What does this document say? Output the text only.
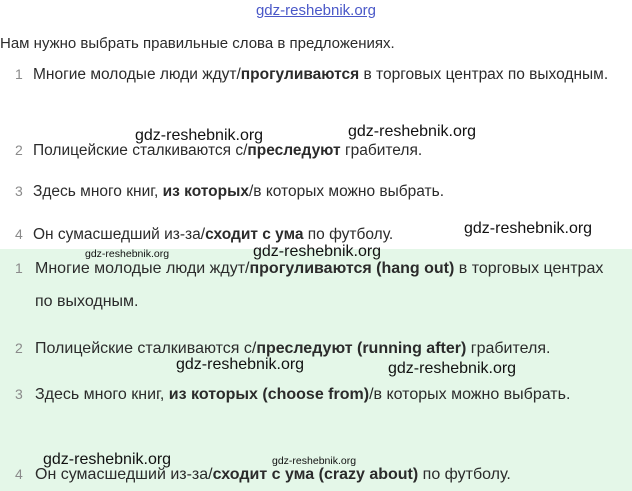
gdz-reshebnik.org
Нам нужно выбрать правильные слова в предложениях.
1 Многие молодые люди ждут/прогуливаются в торговых центрах по выходным.
2 Полицейские сталкиваются с/преследуют грабителя.
3 Здесь много книг, из которых/в которых можно выбрать.
4 Он сумасшедший из-за/сходит с ума по футболу.
1 Многие молодые люди ждут/прогуливаются (hang out) в торговых центрах по выходным.
2 Полицейские сталкиваются с/преследуют (running after) грабителя.
3 Здесь много книг, из которых (choose from)/в которых можно выбрать.
4 Он сумасшедший из-за/сходит с ума (crazy about) по футболу.
gdz-reshebnik.org	gdz-reshebnik.org
gdz-reshebnik.org
gdz-reshebnik.org	gdz-reshebnik.org
gdz-reshebnik.org	gdz-reshebnik.org
gdz-reshebnik.org	gdz-reshebnik.org
